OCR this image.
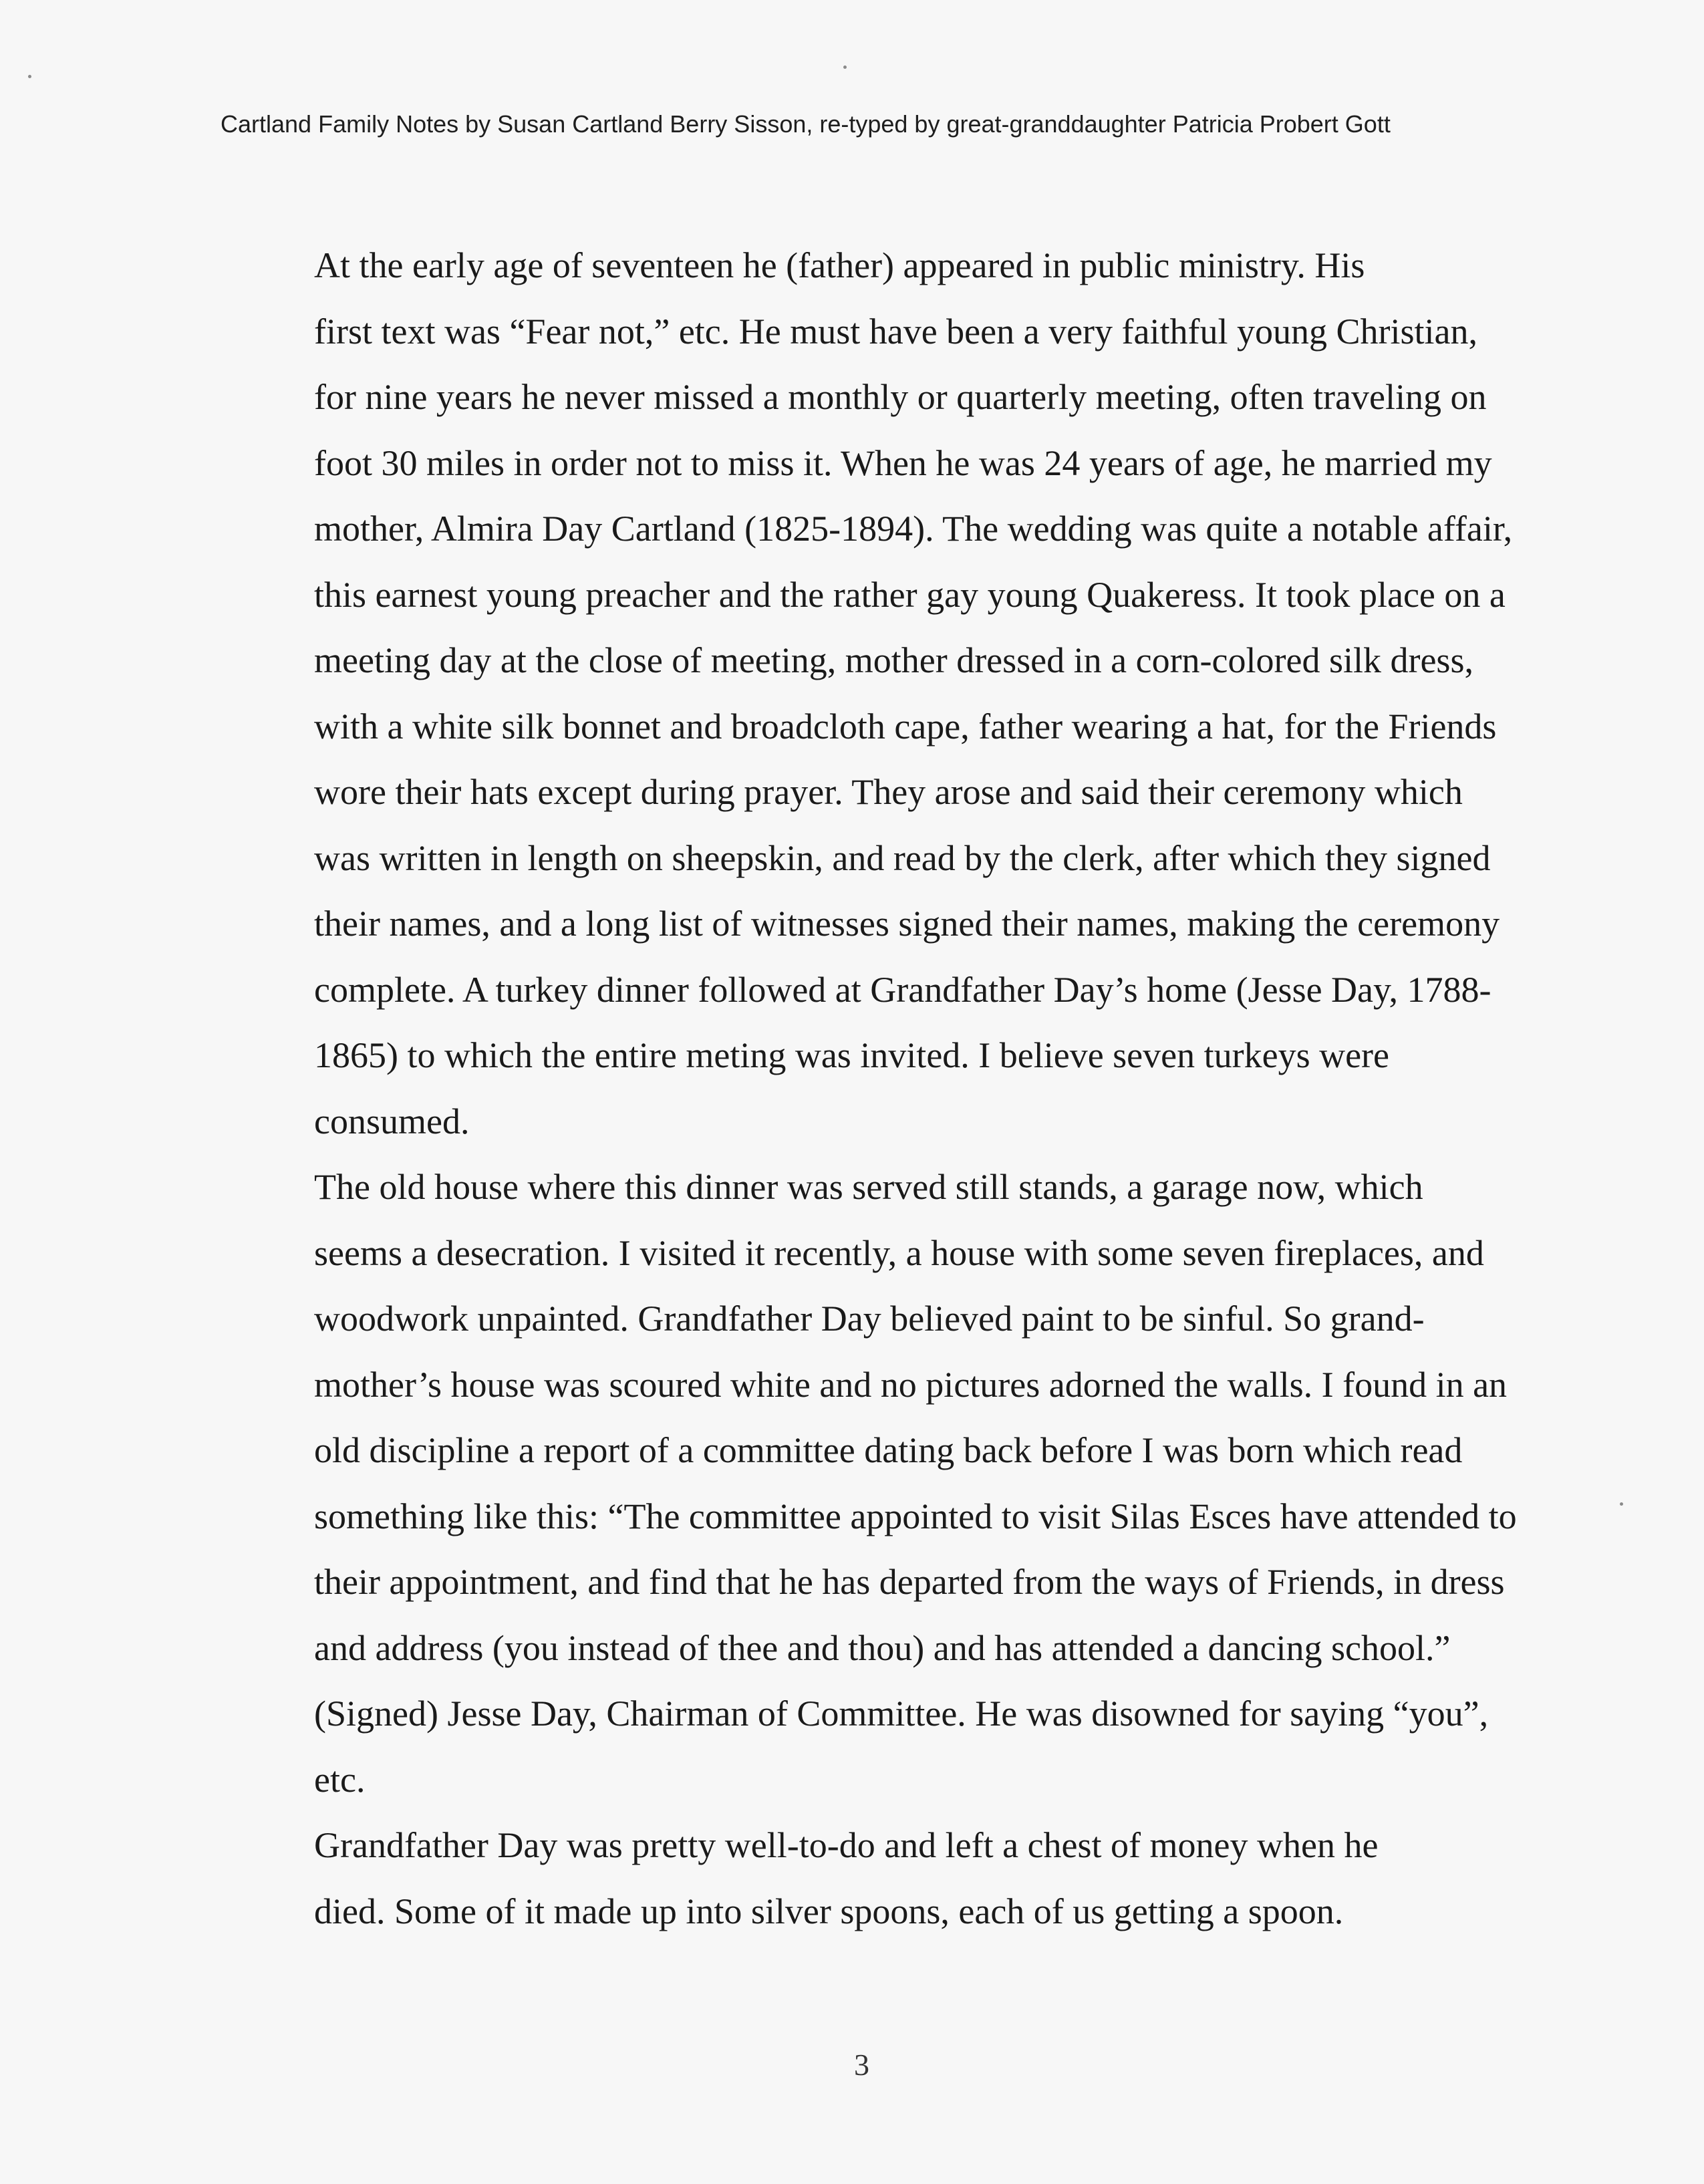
Cartland Family Notes by Susan Cartland Berry Sisson, re-typed by great-granddaughter Patricia Probert Gott

At the early age of seventeen he (father) appeared in public ministry. His
first text was “Fear not,” etc. He must have been a very faithful young Christian,
for nine years he never missed a monthly or quarterly meeting, often traveling on
foot 30 miles in order not to miss it. When he was 24 years of age, he married my
mother, Almira Day Cartland (1825-1894). The wedding was quite a notable affair,
this earnest young preacher and the rather gay young Quakeress. It took place on a
meeting day at the close of meeting, mother dressed in a corn-colored silk dress,
with a white silk bonnet and broadcloth cape, father wearing a hat, for the Friends
wore their hats except during prayer. They arose and said their ceremony which
was written in length on sheepskin, and read by the clerk, after which they signed
their names, and a long list of witnesses signed their names, making the ceremony
complete. A turkey dinner followed at Grandfather Day’s home (Jesse Day, 1788-
1865) to which the entire meting was invited. I believe seven turkeys were
consumed.

The old house where this dinner was served still stands, a garage now, which
seems a desecration. I visited it recently, a house with some seven fireplaces, and
woodwork unpainted. Grandfather Day believed paint to be sinful. So grand-
mother’s house was scoured white and no pictures adorned the walls. I found in an
old discipline a report of a committee dating back before I was born which read
something like this: “The committee appointed to visit Silas Esces have attended to
their appointment, and find that he has departed from the ways of Friends, in dress
and address (you instead of thee and thou) and has attended a dancing school.”
(Signed) Jesse Day, Chairman of Committee. He was disowned for saying “you”,
etc.

Grandfather Day was pretty well-to-do and left a chest of money when he
died. Some of it made up into silver spoons, each of us getting a spoon.

3
